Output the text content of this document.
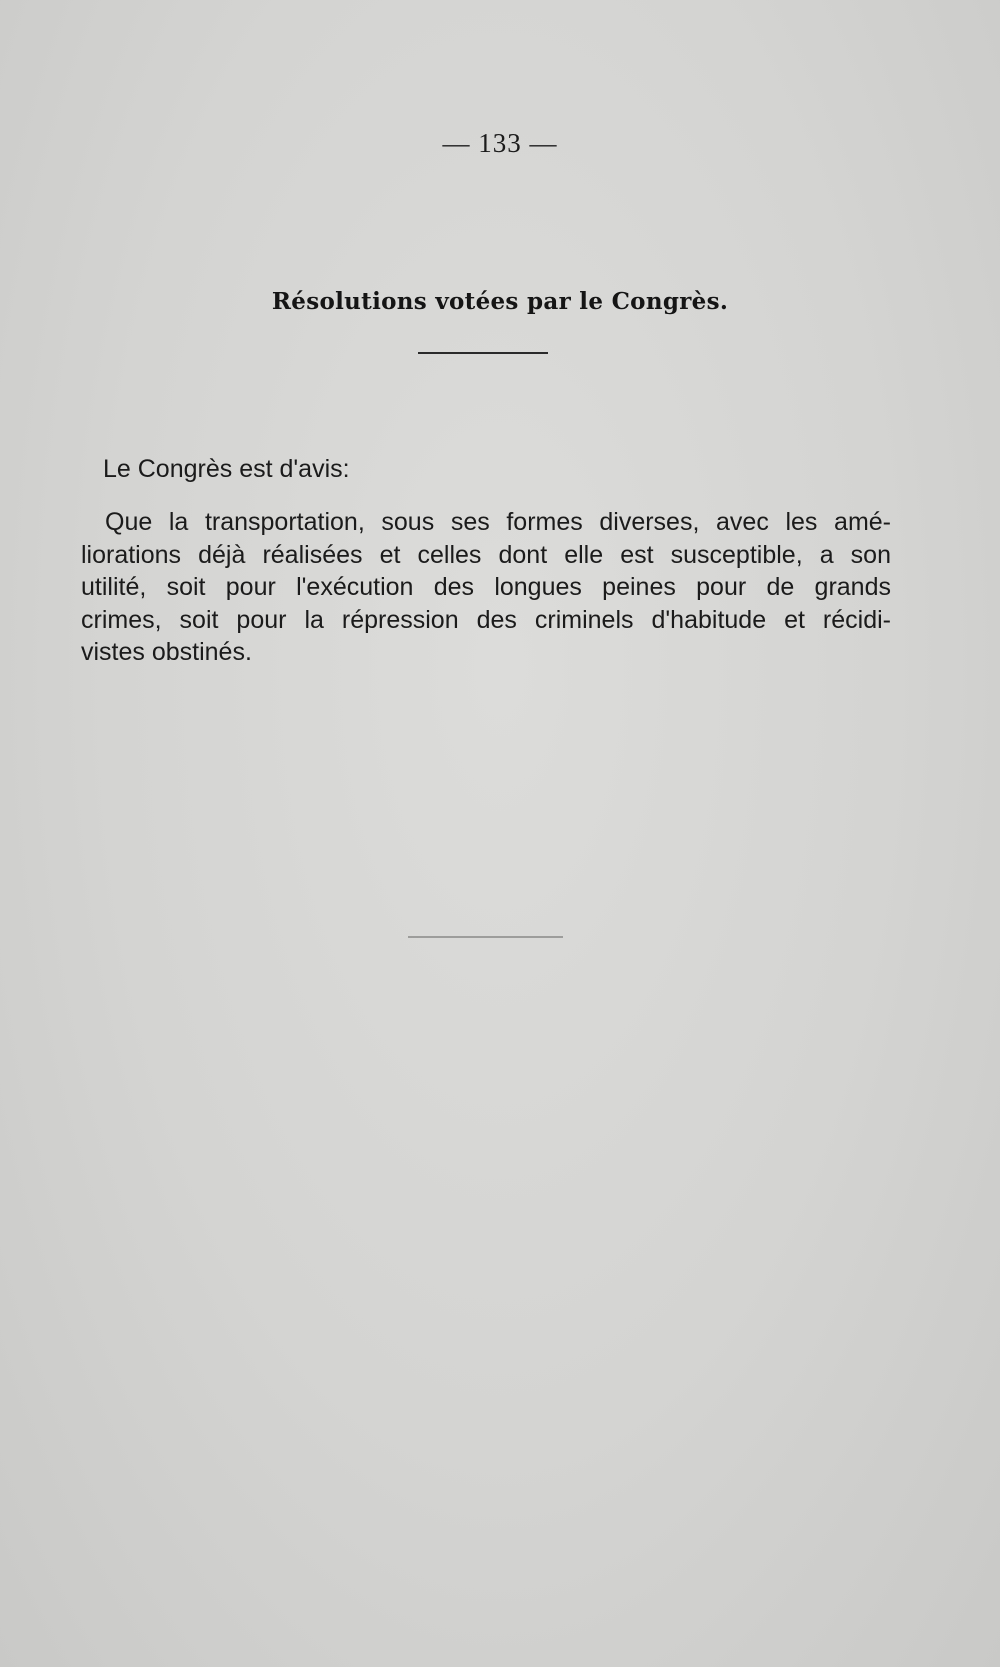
— 133 —
Résolutions votées par le Congrès.
Le Congrès est d'avis:
Que la transportation, sous ses formes diverses, avec les amé-
liorations déjà réalisées et celles dont elle est susceptible, a son
utilité, soit pour l'exécution des longues peines pour de grands
crimes, soit pour la répression des criminels d'habitude et récidi-
vistes obstinés.
